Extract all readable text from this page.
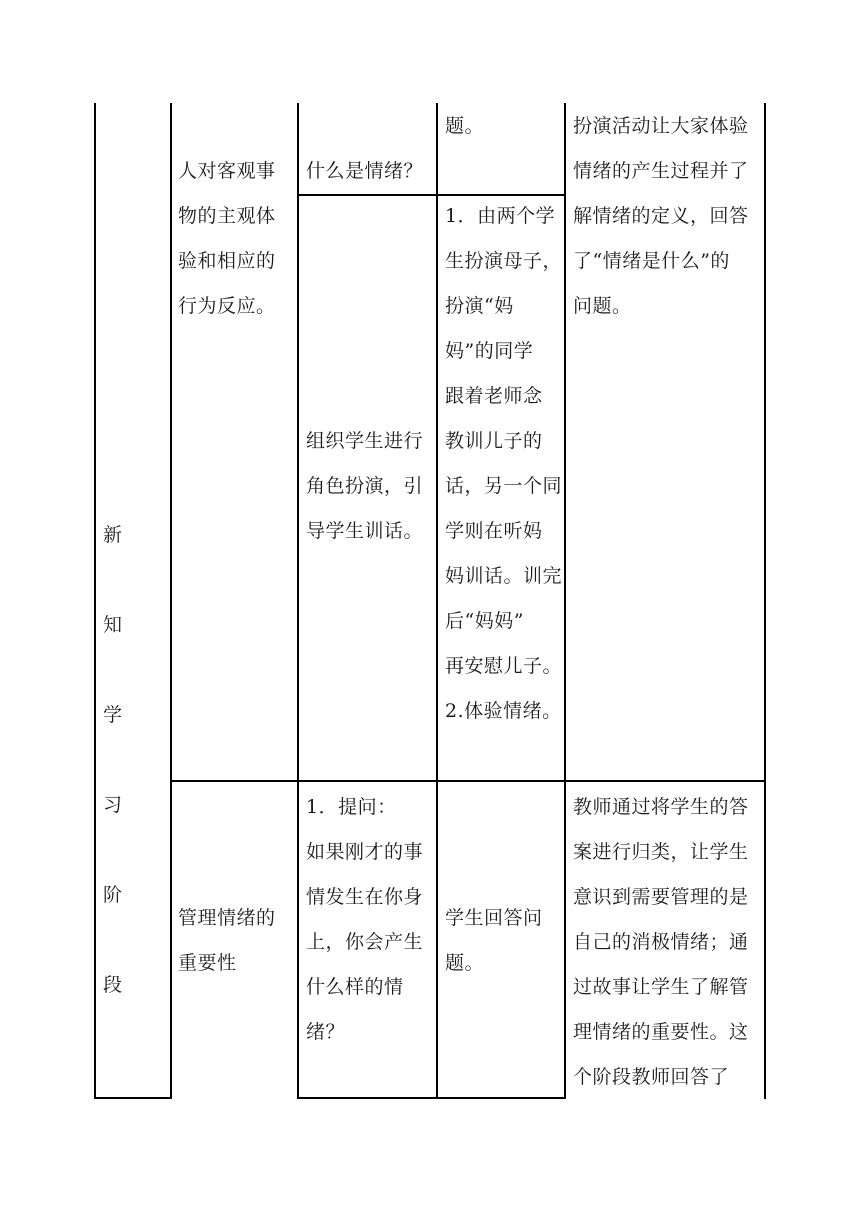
新
知
学
习
阶
段
人对客观事
物的主观体
验和相应的
行为反应。
什么是情绪？
题。	扮演活动让大家体验
情绪的产生过程并了
解情绪的定义，回答
了“情绪是什么”的
问题。
组织学生进行
角色扮演，引
导学生训话。
1．由两个学
生扮演母子，
扮演“妈
妈”的同学
跟着老师念
教训儿子的
话，另一个同
学则在听妈
妈训话。训完
后“妈妈”
再安慰儿子。
2.体验情绪。
管理情绪的
重要性
1．提问：
如果刚才的事
情发生在你身
上，你会产生
什么样的情
绪？
学生回答问
题。
教师通过将学生的答
案进行归类，让学生
意识到需要管理的是
自己的消极情绪；通
过故事让学生了解管
理情绪的重要性。这
个阶段教师回答了
